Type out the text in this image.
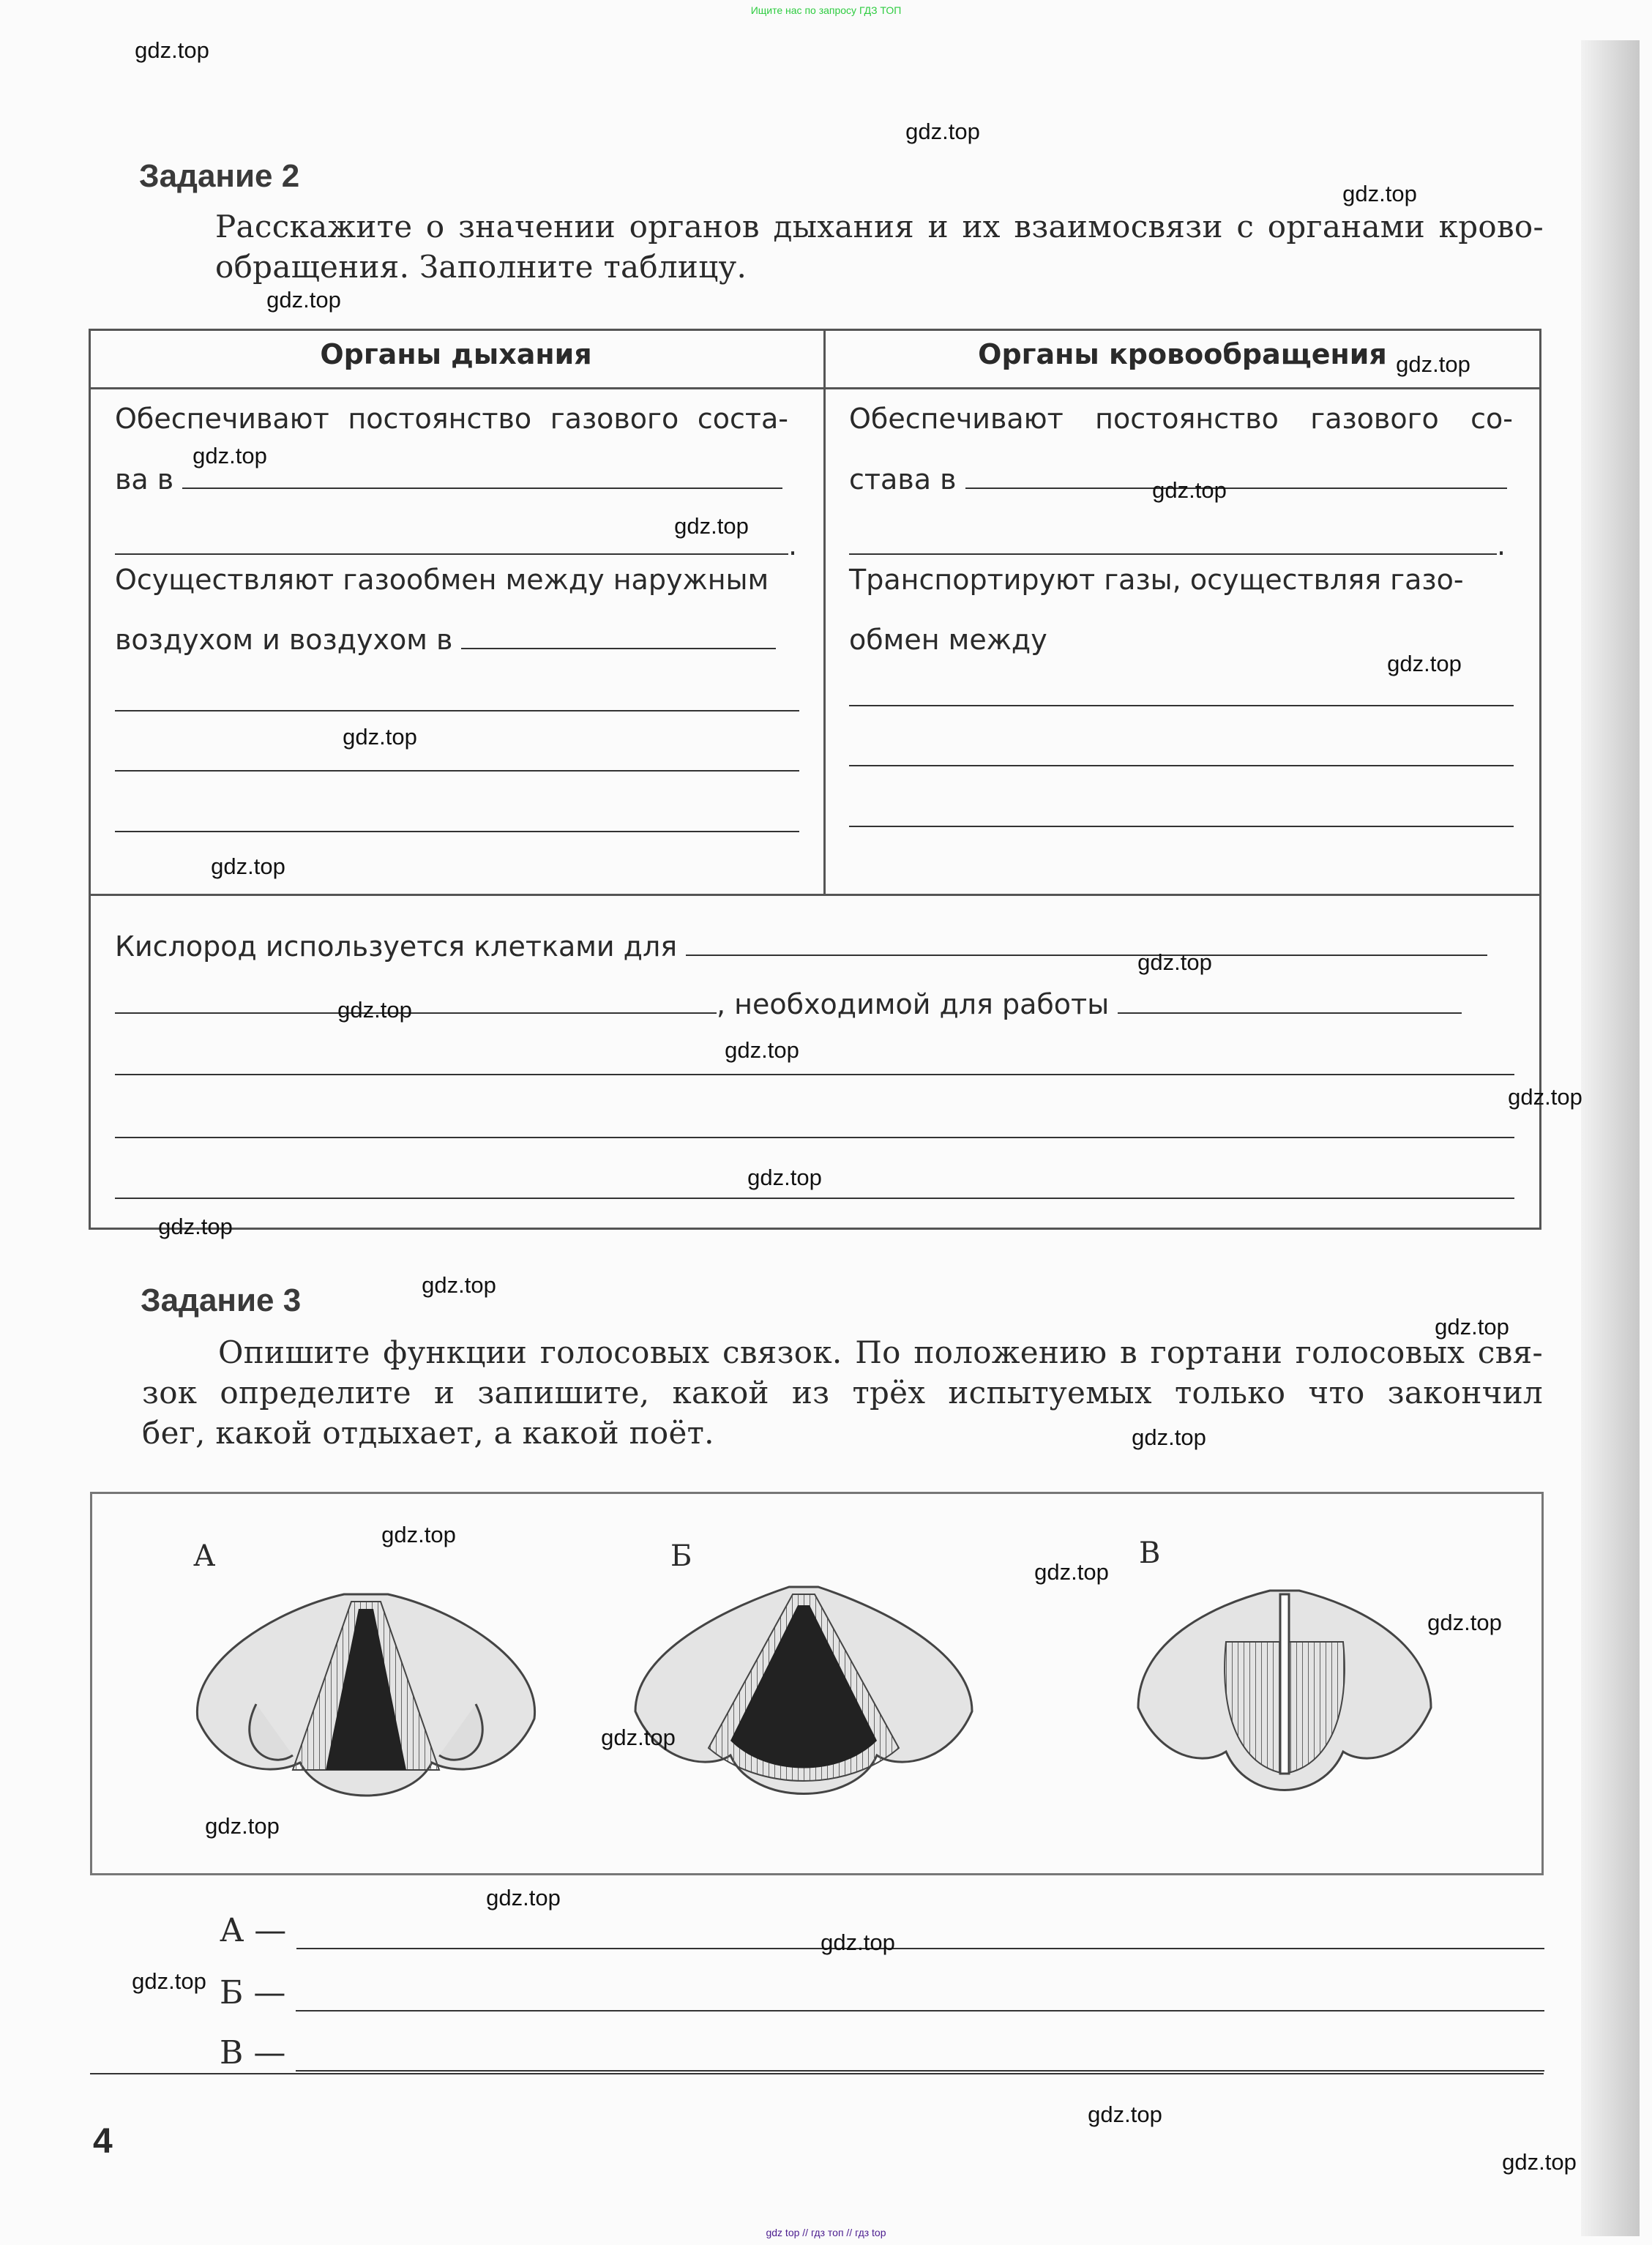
Ищите нас по запросу ГДЗ ТОП
gdz top // гдз топ // гдз top
Задание 2
Расскажите о значении органов дыхания и их взаимосвязи с органами крово-
обращения. Заполните таблицу.
Органы дыхания	Органы кровообращения
Обеспечивают постоянство газового соста-
ва в
.
Осуществляют газообмен между наружным
воздухом и воздухом в
Обеспечивают постоянство газового со-
става в
.
Транспортируют газы, осуществляя газо-
обмен между
Кислород используется клетками для
, необходимой для работы
Задание 3
Опишите функции голосовых связок. По положению в гортани голосовых свя-
зок определите и запишите, какой из трёх испытуемых только что закончил
бег, какой отдыхает, а какой поёт.
А	Б	В
А —
Б —
В —
4
gdz.top
gdz.top
gdz.top
gdz.top
gdz.top
gdz.top
gdz.top
gdz.top
gdz.top
gdz.top
gdz.top
gdz.top
gdz.top
gdz.top
gdz.top
gdz.top
gdz.top
gdz.top
gdz.top
gdz.top
gdz.top
gdz.top
gdz.top
gdz.top
gdz.top
gdz.top
gdz.top
gdz.top
gdz.top
gdz.top
